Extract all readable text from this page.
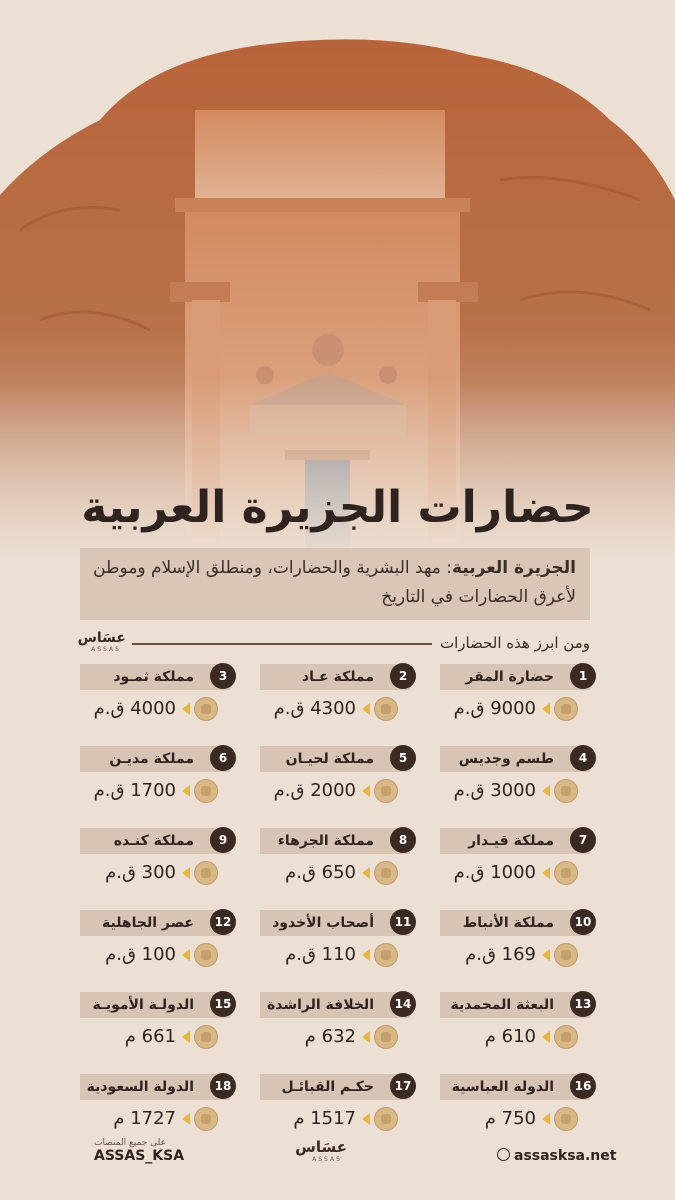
حضارات الجزيرة العربية
الجزيرة العربية: مهد البشرية والحضارات، ومنطلق الإسلام وموطن لأعرق الحضارات في التاريخ
عسَاس
ASSAS	ومن ابرز هذه الحضارات
حضارة المقر	1
9000 ق.م
مملكة عـاد	2
4300 ق.م
مملكة ثمـود	3
4000 ق.م
طسم وجديس	4
3000 ق.م
مملكة لحيـان	5
2000 ق.م
مملكة مديـن	6
1700 ق.م
مملكة قيـدار	7
1000 ق.م
مملكة الجرهاء	8
650 ق.م
مملكة كنـده	9
300 ق.م
مملكة الأنباط	10
169 ق.م
أصحاب الأخدود	11
110 ق.م
عصر الجاهلية	12
100 ق.م
البعثة المحمدية	13
610 م
الخلافة الراشدة	14
632 م
الدولـة الأمويـة	15
661 م
الدولة العباسية	16
750 م
حكـم القبائـل	17
1517 م
الدولة السعودية	18
1727 م
على جميع المنصات
ASSAS_KSA	عسَاس
ASSAS	assasksa.net
